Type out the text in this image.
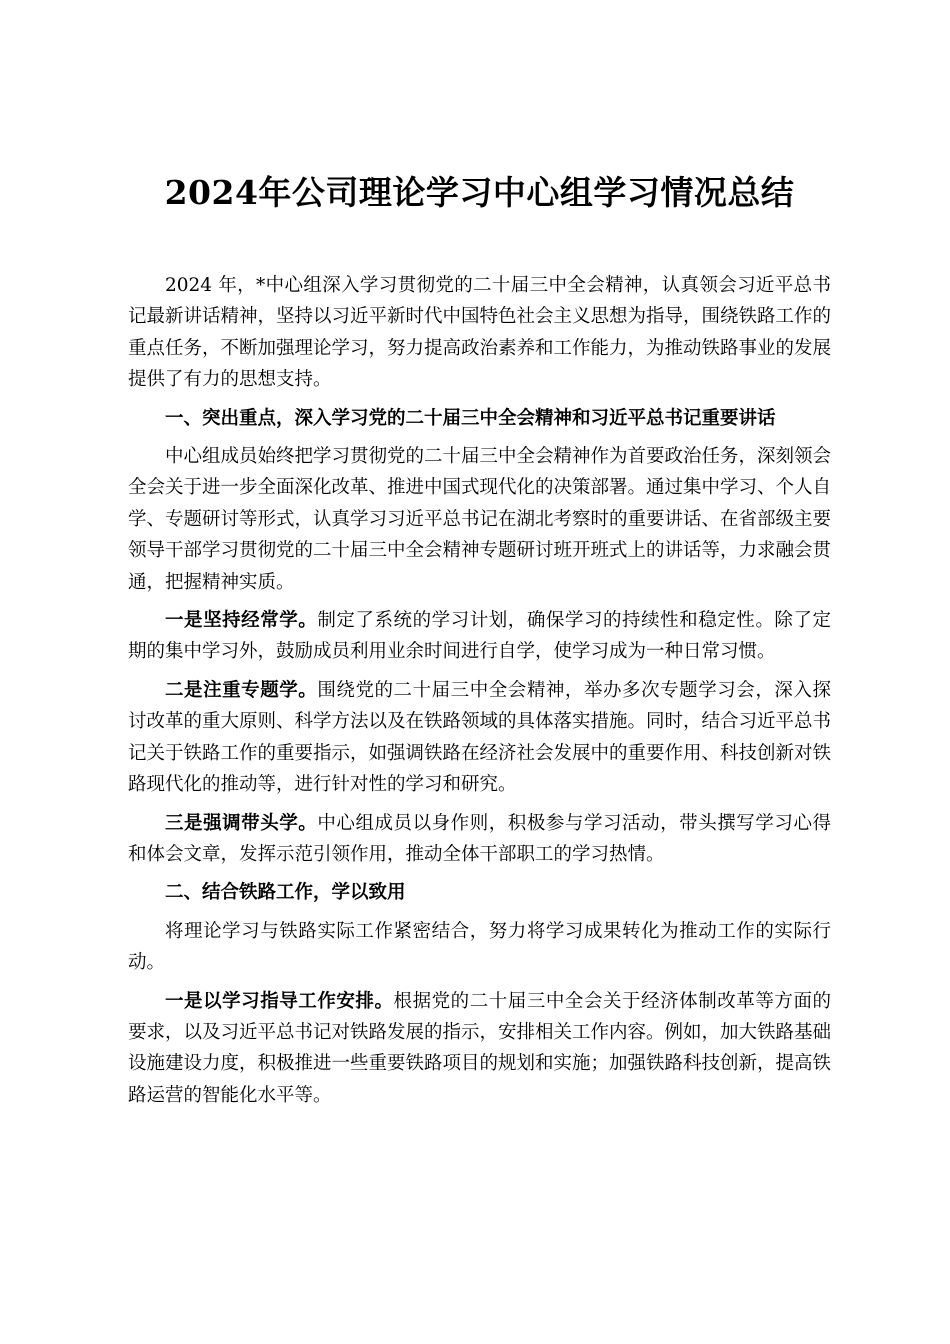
2024年公司理论学习中心组学习情况总结

2024 年，*中心组深入学习贯彻党的二十届三中全会精神，认真领会习近平总书记最新讲话精神，坚持以习近平新时代中国特色社会主义思想为指导，围绕铁路工作的重点任务，不断加强理论学习，努力提高政治素养和工作能力，为推动铁路事业的发展提供了有力的思想支持。

一、突出重点，深入学习党的二十届三中全会精神和习近平总书记重要讲话

中心组成员始终把学习贯彻党的二十届三中全会精神作为首要政治任务，深刻领会全会关于进一步全面深化改革、推进中国式现代化的决策部署。通过集中学习、个人自学、专题研讨等形式，认真学习习近平总书记在湖北考察时的重要讲话、在省部级主要领导干部学习贯彻党的二十届三中全会精神专题研讨班开班式上的讲话等，力求融会贯通，把握精神实质。

一是坚持经常学。制定了系统的学习计划，确保学习的持续性和稳定性。除了定期的集中学习外，鼓励成员利用业余时间进行自学，使学习成为一种日常习惯。

二是注重专题学。围绕党的二十届三中全会精神，举办多次专题学习会，深入探讨改革的重大原则、科学方法以及在铁路领域的具体落实措施。同时，结合习近平总书记关于铁路工作的重要指示，如强调铁路在经济社会发展中的重要作用、科技创新对铁路现代化的推动等，进行针对性的学习和研究。

三是强调带头学。中心组成员以身作则，积极参与学习活动，带头撰写学习心得和体会文章，发挥示范引领作用，推动全体干部职工的学习热情。

二、结合铁路工作，学以致用

将理论学习与铁路实际工作紧密结合，努力将学习成果转化为推动工作的实际行动。

一是以学习指导工作安排。根据党的二十届三中全会关于经济体制改革等方面的要求，以及习近平总书记对铁路发展的指示，安排相关工作内容。例如，加大铁路基础设施建设力度，积极推进一些重要铁路项目的规划和实施；加强铁路科技创新，提高铁路运营的智能化水平等。
